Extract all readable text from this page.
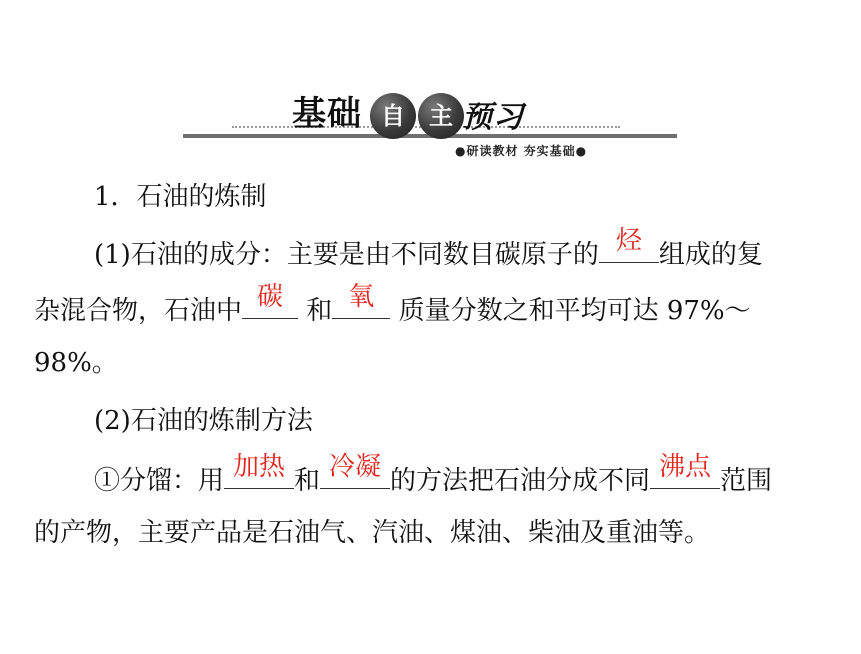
基础 自	主 预习
●研读教材 夯实基础●
1．石油的炼制
(1)石油的成分：主要是由不同数目碳原子的 烃 组成的复
杂混合物，石油中 碳 和 氧 质量分数之和平均可达 97%～
98%。
(2)石油的炼制方法
①分馏：用 加热 和 冷凝 的方法把石油分成不同 沸点 范围
的产物，主要产品是石油气、汽油、煤油、柴油及重油等。
